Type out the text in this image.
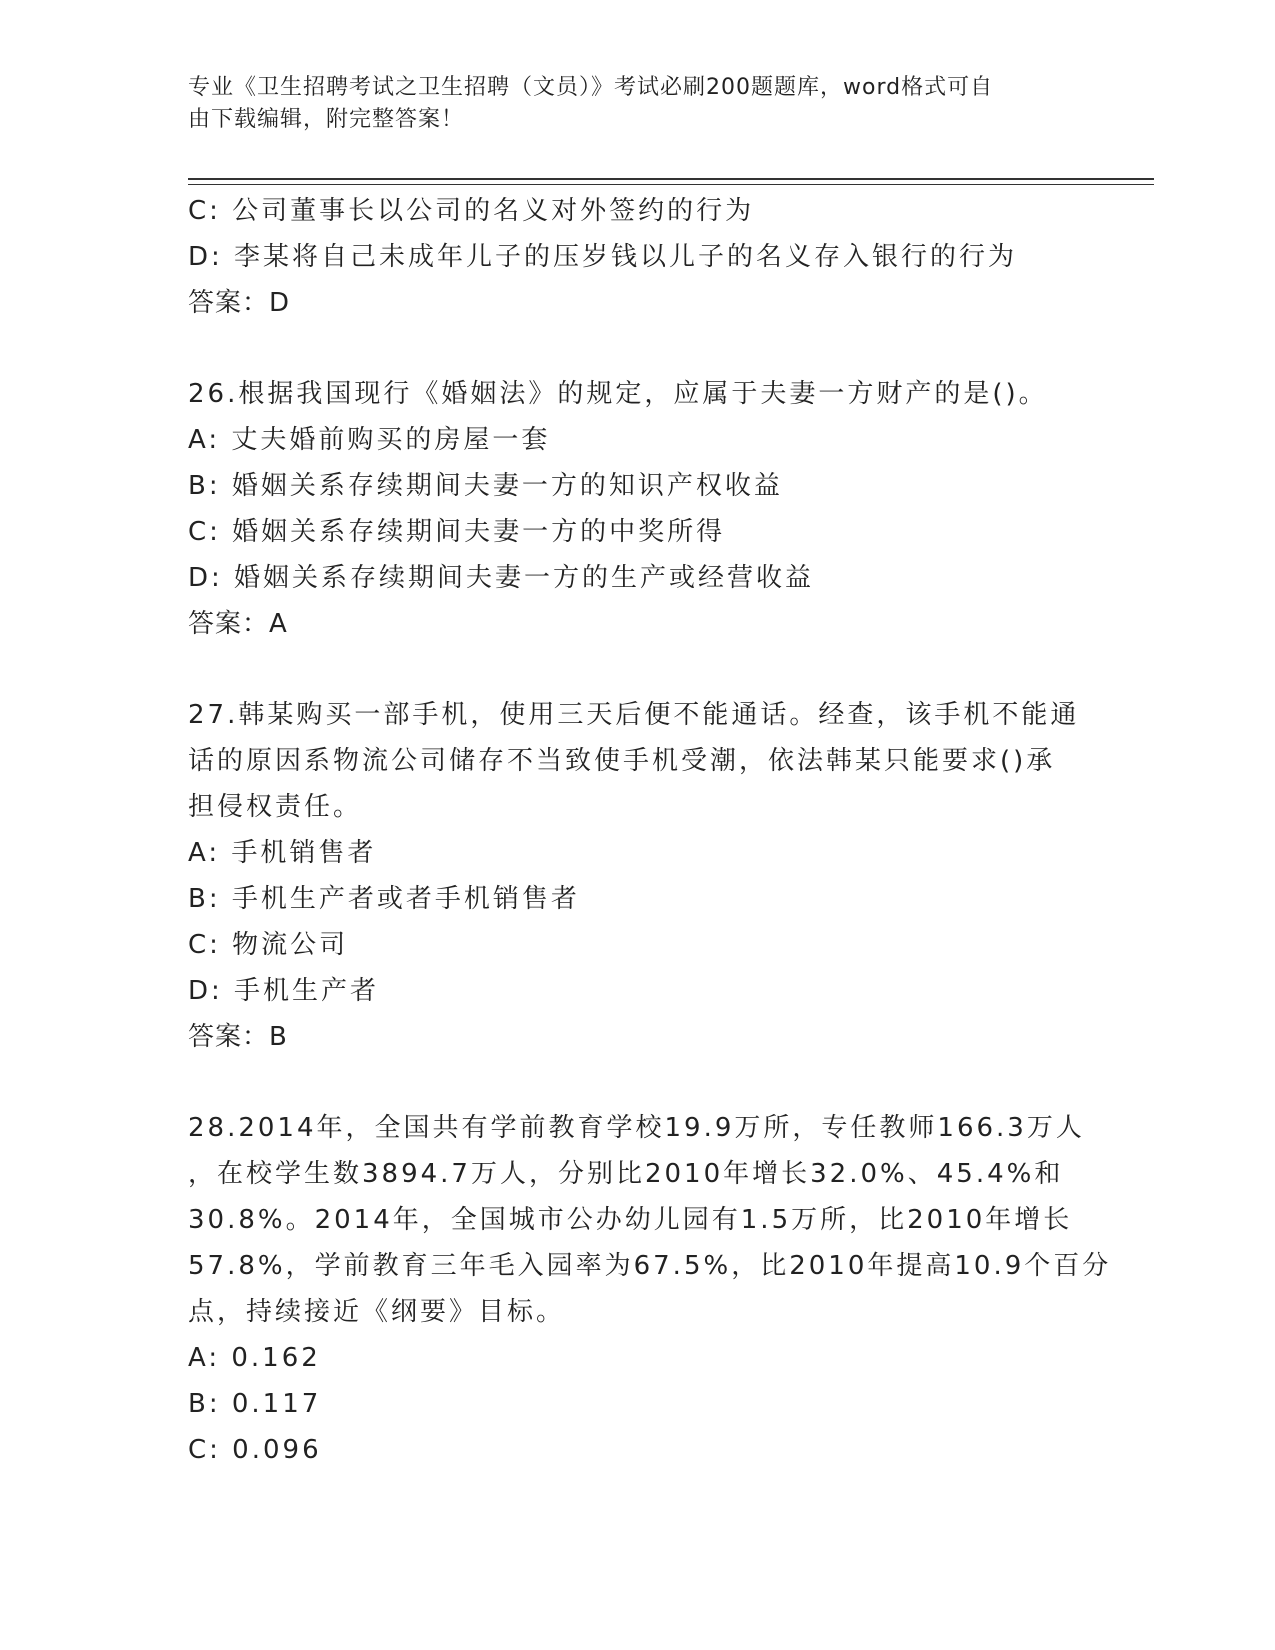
专业《卫生招聘考试之卫生招聘（文员）》考试必刷200题题库，word格式可自
由下载编辑，附完整答案！
C: 公司董事长以公司的名义对外签约的行为
D: 李某将自己未成年儿子的压岁钱以儿子的名义存入银行的行为
答案：D
26.根据我国现行《婚姻法》的规定，应属于夫妻一方财产的是()。
A: 丈夫婚前购买的房屋一套
B: 婚姻关系存续期间夫妻一方的知识产权收益
C: 婚姻关系存续期间夫妻一方的中奖所得
D: 婚姻关系存续期间夫妻一方的生产或经营收益
答案：A
27.韩某购买一部手机，使用三天后便不能通话。经查，该手机不能通
话的原因系物流公司储存不当致使手机受潮，依法韩某只能要求()承
担侵权责任。
A: 手机销售者
B: 手机生产者或者手机销售者
C: 物流公司
D: 手机生产者
答案：B
28.2014年，全国共有学前教育学校19.9万所，专任教师166.3万人
，在校学生数3894.7万人，分别比2010年增长32.0%、45.4%和
30.8%。2014年，全国城市公办幼儿园有1.5万所，比2010年增长
57.8%，学前教育三年毛入园率为67.5%，比2010年提高10.9个百分
点，持续接近《纲要》目标。
A: 0.162
B: 0.117
C: 0.096
